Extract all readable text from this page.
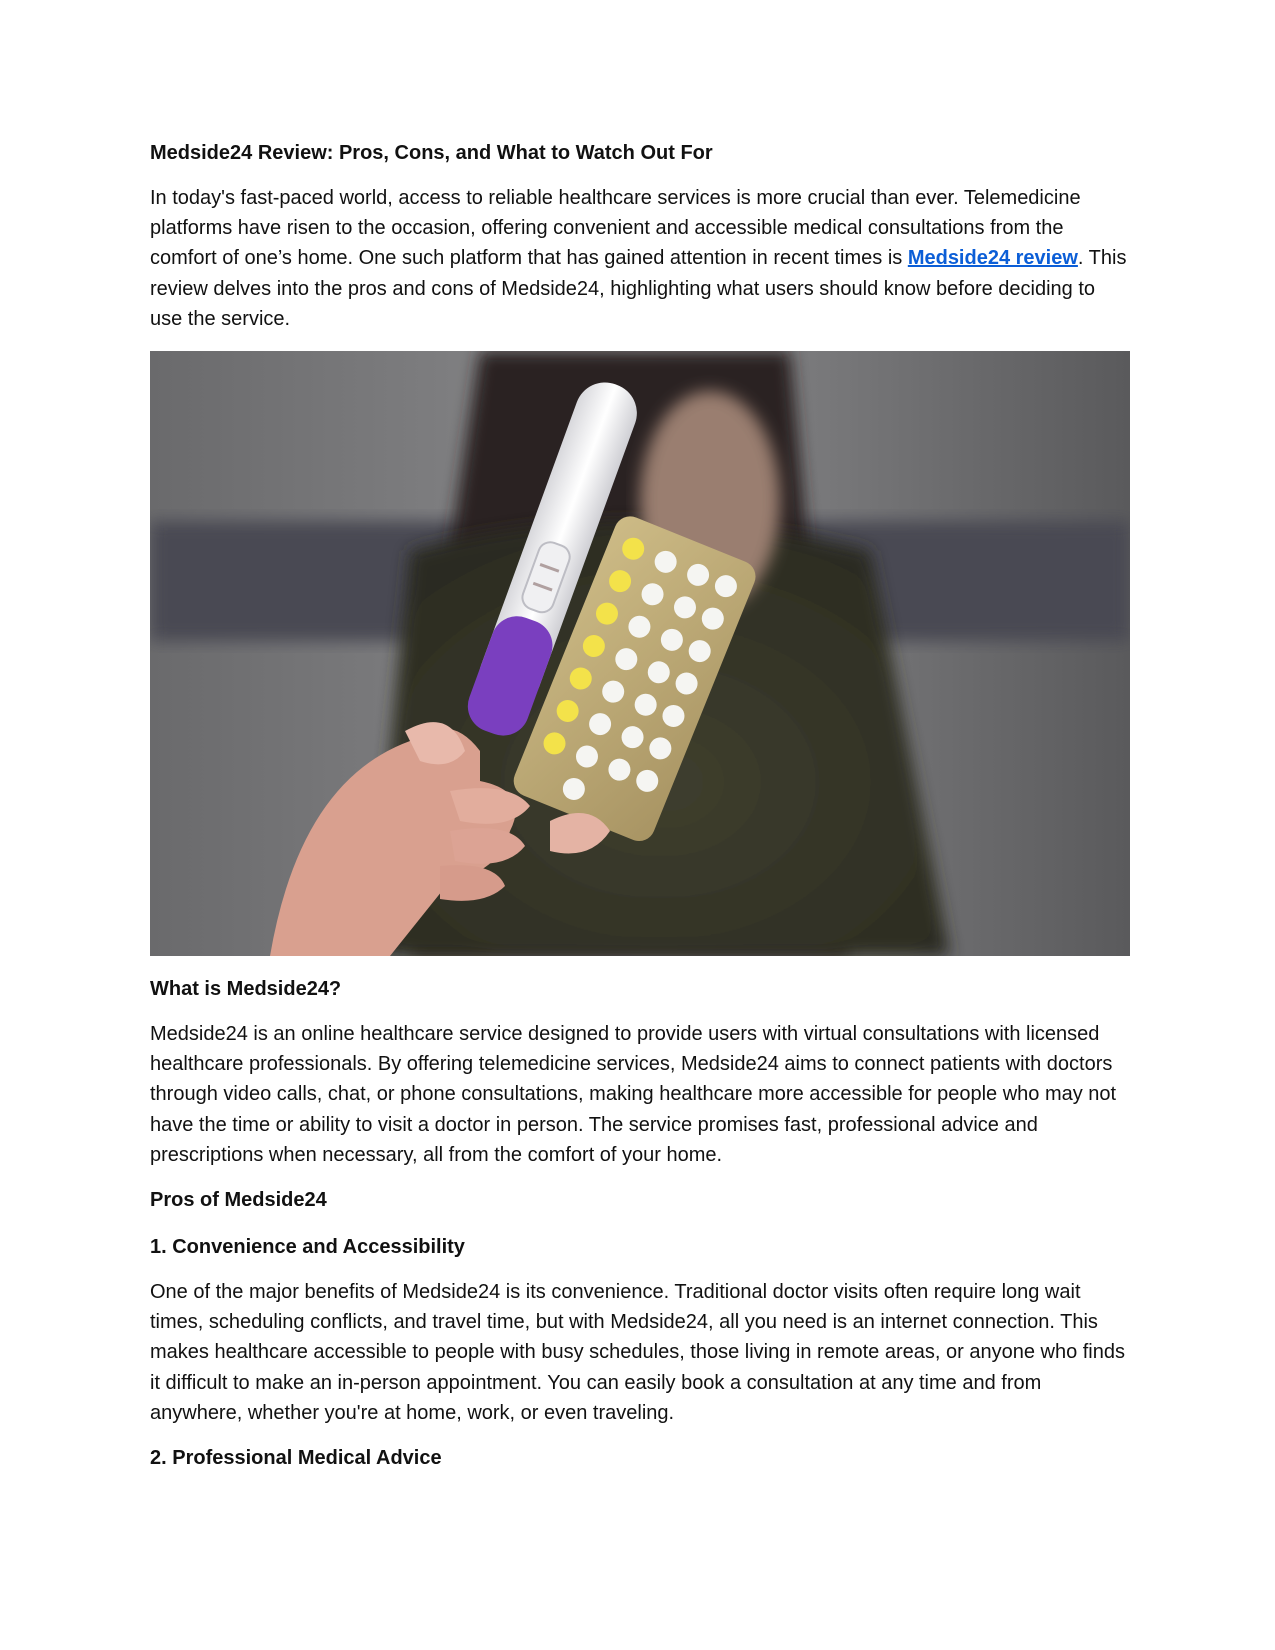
Medside24 Review: Pros, Cons, and What to Watch Out For

In today's fast-paced world, access to reliable healthcare services is more crucial than ever. Telemedicine platforms have risen to the occasion, offering convenient and accessible medical consultations from the comfort of one’s home. One such platform that has gained attention in recent times is Medside24 review. This review delves into the pros and cons of Medside24, highlighting what users should know before deciding to use the service.

What is Medside24?

Medside24 is an online healthcare service designed to provide users with virtual consultations with licensed healthcare professionals. By offering telemedicine services, Medside24 aims to connect patients with doctors through video calls, chat, or phone consultations, making healthcare more accessible for people who may not have the time or ability to visit a doctor in person. The service promises fast, professional advice and prescriptions when necessary, all from the comfort of your home.

Pros of Medside24

1. Convenience and Accessibility

One of the major benefits of Medside24 is its convenience. Traditional doctor visits often require long wait times, scheduling conflicts, and travel time, but with Medside24, all you need is an internet connection. This makes healthcare accessible to people with busy schedules, those living in remote areas, or anyone who finds it difficult to make an in-person appointment. You can easily book a consultation at any time and from anywhere, whether you're at home, work, or even traveling.

2. Professional Medical Advice
